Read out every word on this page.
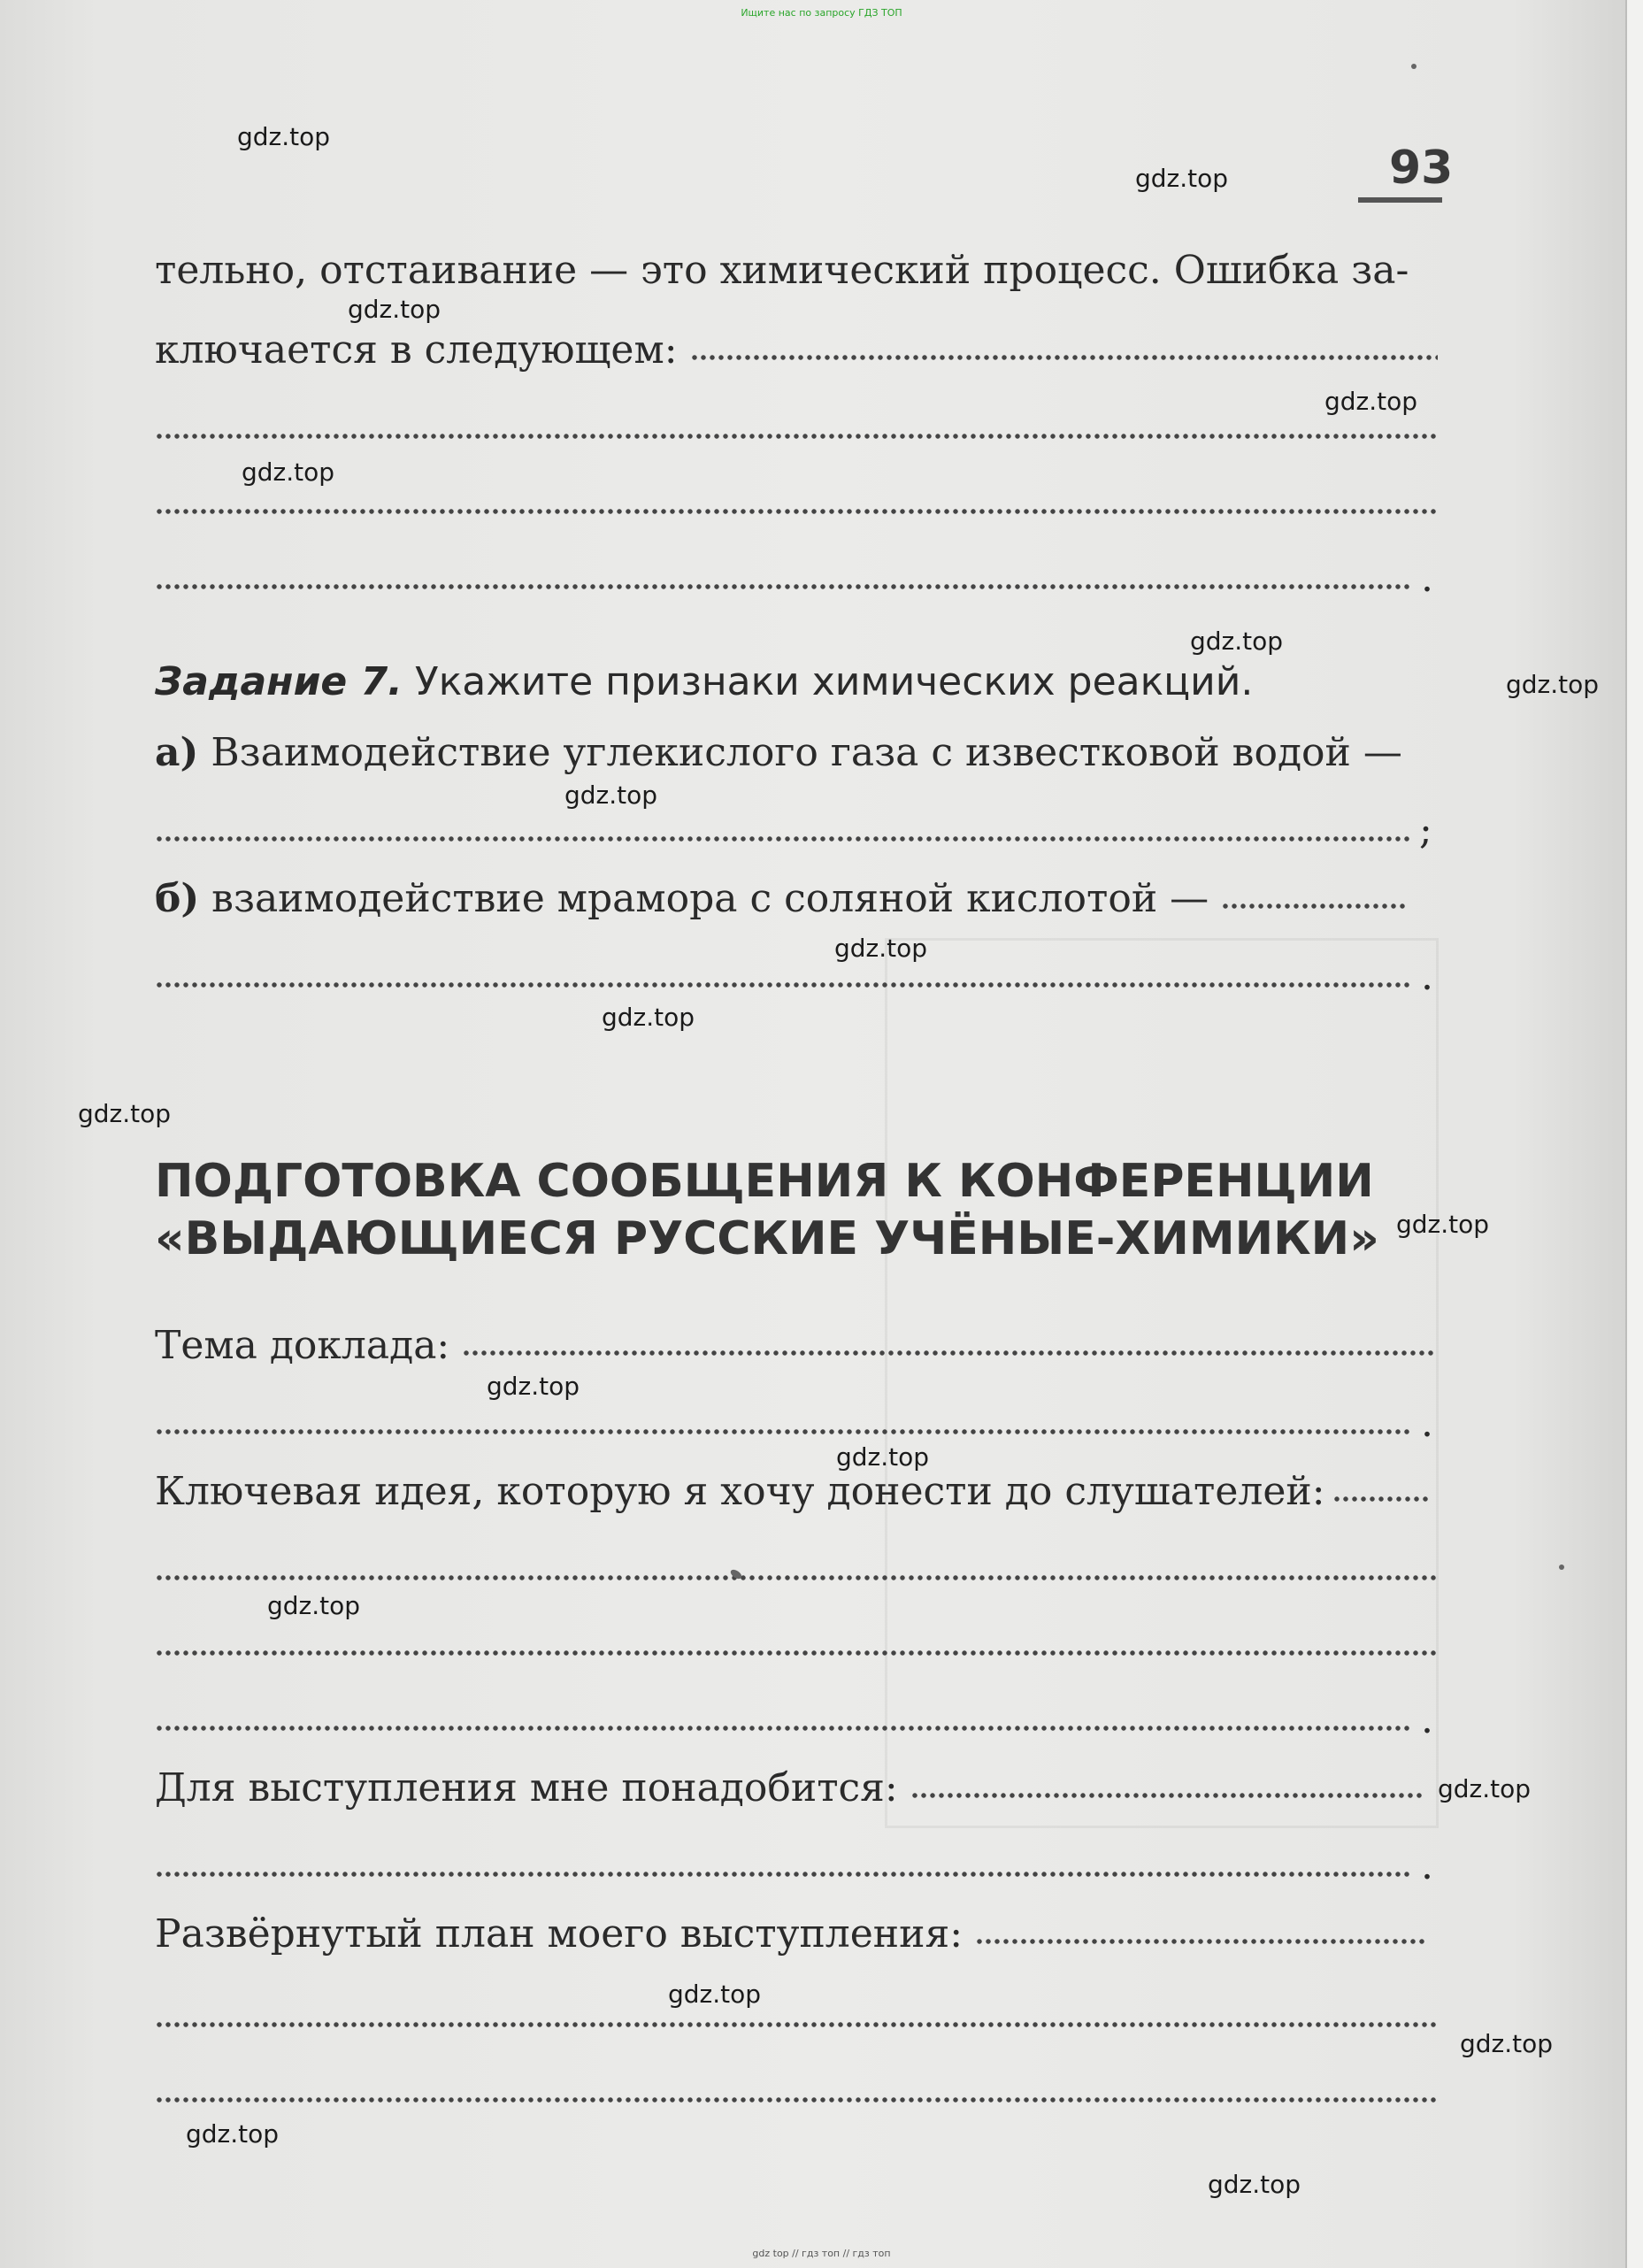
Ищите нас по запросу ГДЗ ТОП
93
тельно, отстаивание — это химический процесс. Ошибка за-
ключается в следующем:
.
Задание 7. Укажите признаки химических реакций.
а) Взаимодействие углекислого газа с известковой водой —
;
б) взаимодействие мрамора с соляной кислотой —
.
ПОДГОТОВКА СООБЩЕНИЯ К КОНФЕРЕНЦИИ
«ВЫДАЮЩИЕСЯ РУССКИЕ УЧЁНЫЕ-ХИМИКИ»
Тема доклада:
.
Ключевая идея, которую я хочу донести до слушателей:
.
Для выступления мне понадобится:
.
Развёрнутый план моего выступления:
gdz.top
gdz.top
gdz.top
gdz.top
gdz.top
gdz.top
gdz.top
gdz.top
gdz.top
gdz.top
gdz.top
gdz.top
gdz.top
gdz.top
gdz.top
gdz.top
gdz.top
gdz.top
gdz.top
gdz.top
gdz top // гдз топ // гдз топ
